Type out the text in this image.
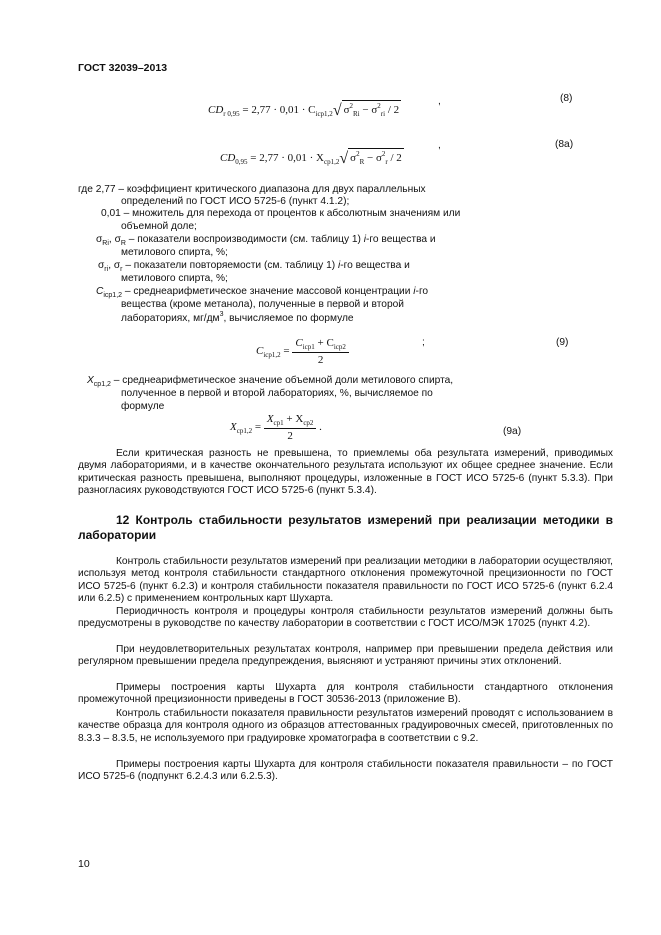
ГОСТ 32039–2013
$CD_{r 0,95} = 2,77 \cdot 0,01 \cdot C_{icp1,2}√$ σ$^2_{Ri}$ − σ$^2_{ri}$ / 2
,	(8)
$CD_{0,95} = 2,77 \cdot 0,01 \cdot X_{cp1,2}√$ σ$^2_R$ − σ$^2_r$ / 2
,	(8а)
где 2,77 – коэффициент критического диапазона для двух параллельных
определений по ГОСТ ИСО 5725-6 (пункт 4.1.2);
0,01 – множитель для перехода от процентов к абсолютным значениям или
объемной доле;
$\sigma_{Ri}$, $\sigma_R$ – показатели воспроизводимости (см. таблицу 1) i-го вещества и
метилового спирта, %;
$\sigma_{ri}$, $\sigma_r$ – показатели повторяемости (см. таблицу 1) i-го вещества и
метилового спирта, %;
$C_{icp1,2}$ – среднеарифметическое значение массовой концентрации i-го
вещества (кроме метанола), полученные в первой и второй
лабораториях, $мг/дм^3$, вычисляемое по формуле
$C_{icp1,2} = \frac{C_{icp1} + C_{icp2}}{2}$	;	(9)
$X_{cp1,2}$ – среднеарифметическое значение объемной доли метилового спирта,
полученное в первой и второй лабораториях, %, вычисляемое по
формуле
$X_{cp1,2} = \frac{X_{cp1} + X_{cp2}}{2}$ .	(9а)
Если критическая разность не превышена, то приемлемы оба результата измерений, приводимых двумя лабораториями, и в качестве окончательного результата используют их общее среднее значение. Если критическая разность превышена, выполняют процедуры, изложенные в ГОСТ ИСО 5725-6 (пункт 5.3.3). При разногласиях руководствуются ГОСТ ИСО 5725-6 (пункт 5.3.4).
12 Контроль стабильности результатов измерений при реализации методики в лаборатории
Контроль стабильности результатов измерений при реализации методики в лаборатории осуществляют, используя метод контроля стабильности стандартного отклонения промежуточной прецизионности по ГОСТ ИСО 5725-6 (пункт 6.2.3) и контроля стабильности показателя правильности по ГОСТ ИСО 5725-6 (пункт 6.2.4 или 6.2.5) с применением контрольных карт Шухарта.
Периодичность контроля и процедуры контроля стабильности результатов измерений должны быть предусмотрены в руководстве по качеству лаборатории в соответствии с ГОСТ ИСО/МЭК 17025 (пункт 4.2).
При неудовлетворительных результатах контроля, например при превышении предела действия или регулярном превышении предела предупреждения, выясняют и устраняют причины этих отклонений.
Примеры построения карты Шухарта для контроля стабильности стандартного отклонения промежуточной прецизионности приведены в ГОСТ 30536-2013 (приложение В).
Контроль стабильности показателя правильности результатов измерений проводят с использованием в качестве образца для контроля одного из образцов аттестованных градуировочных смесей, приготовленных по 8.3.3 – 8.3.5, не используемого при градуировке хроматографа в соответствии с 9.2.
Примеры построения карты Шухарта для контроля стабильности показателя правильности – по ГОСТ ИСО 5725-6 (подпункт 6.2.4.3 или 6.2.5.3).
10
